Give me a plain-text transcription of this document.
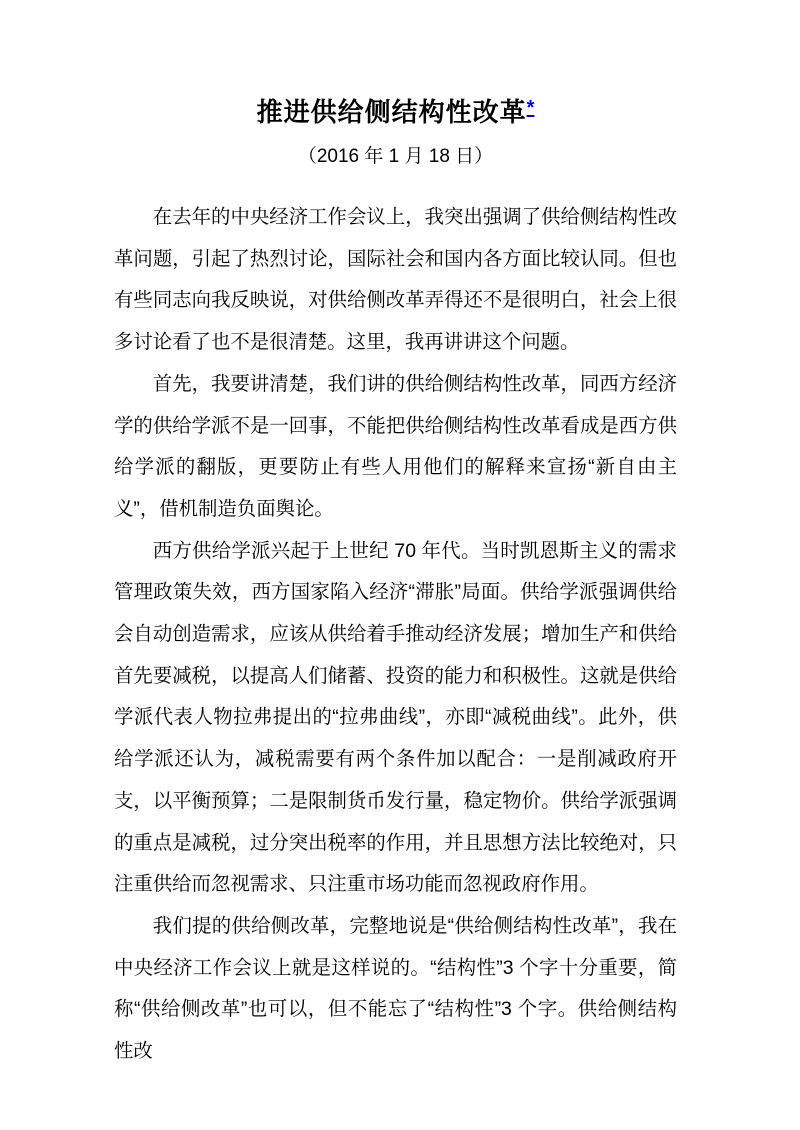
推进供给侧结构性改革*
（2016 年 1 月 18 日）

在去年的中央经济工作会议上，我突出强调了供给侧结构性改革问题，引起了热烈讨论，国际社会和国内各方面比较认同。但也有些同志向我反映说，对供给侧改革弄得还不是很明白，社会上很多讨论看了也不是很清楚。这里，我再讲讲这个问题。

首先，我要讲清楚，我们讲的供给侧结构性改革，同西方经济学的供给学派不是一回事，不能把供给侧结构性改革看成是西方供给学派的翻版，更要防止有些人用他们的解释来宣扬“新自由主义”，借机制造负面舆论。

西方供给学派兴起于上世纪 70 年代。当时凯恩斯主义的需求管理政策失效，西方国家陷入经济“滞胀”局面。供给学派强调供给会自动创造需求，应该从供给着手推动经济发展；增加生产和供给首先要减税，以提高人们储蓄、投资的能力和积极性。这就是供给学派代表人物拉弗提出的“拉弗曲线”，亦即“减税曲线”。此外，供给学派还认为，减税需要有两个条件加以配合：一是削减政府开支，以平衡预算；二是限制货币发行量，稳定物价。供给学派强调的重点是减税，过分突出税率的作用，并且思想方法比较绝对，只注重供给而忽视需求、只注重市场功能而忽视政府作用。

我们提的供给侧改革，完整地说是“供给侧结构性改革”，我在中央经济工作会议上就是这样说的。“结构性”3 个字十分重要，简称“供给侧改革”也可以，但不能忘了“结构性”3 个字。供给侧结构性改
